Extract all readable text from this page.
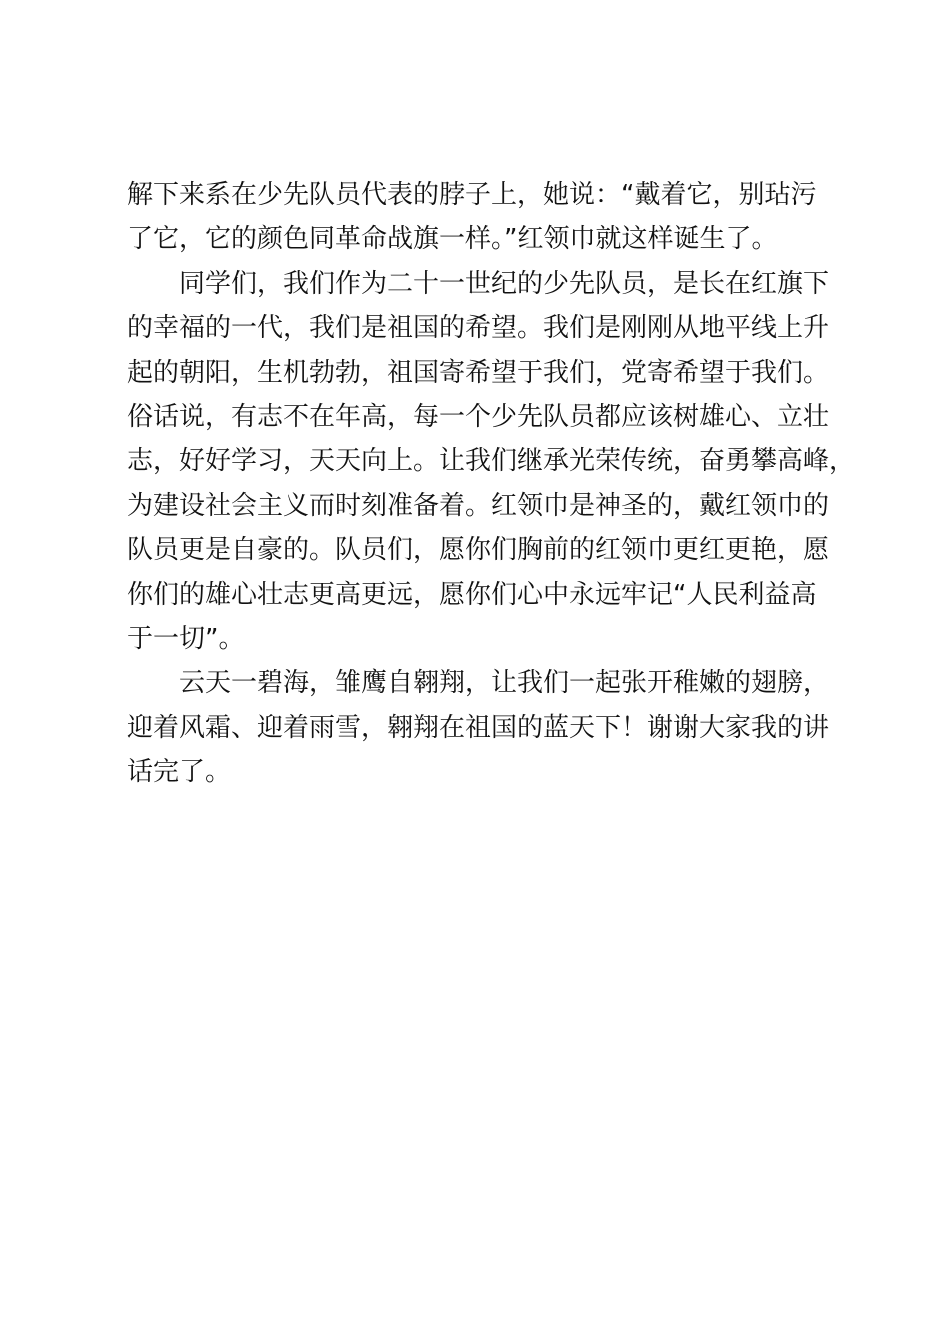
解下来系在少先队员代表的脖子上，她说：“戴着它，别玷污
了它，它的颜色同革命战旗一样。”红领巾就这样诞生了。
　　同学们，我们作为二十一世纪的少先队员，是长在红旗下
的幸福的一代，我们是祖国的希望。我们是刚刚从地平线上升
起的朝阳，生机勃勃，祖国寄希望于我们，党寄希望于我们。
俗话说，有志不在年高，每一个少先队员都应该树雄心、立壮
志，好好学习，天天向上。让我们继承光荣传统，奋勇攀高峰，
为建设社会主义而时刻准备着。红领巾是神圣的，戴红领巾的
队员更是自豪的。队员们，愿你们胸前的红领巾更红更艳，愿
你们的雄心壮志更高更远，愿你们心中永远牢记“人民利益高
于一切”。
　　云天一碧海，雏鹰自翱翔，让我们一起张开稚嫩的翅膀，
迎着风霜、迎着雨雪，翱翔在祖国的蓝天下！谢谢大家我的讲
话完了。
